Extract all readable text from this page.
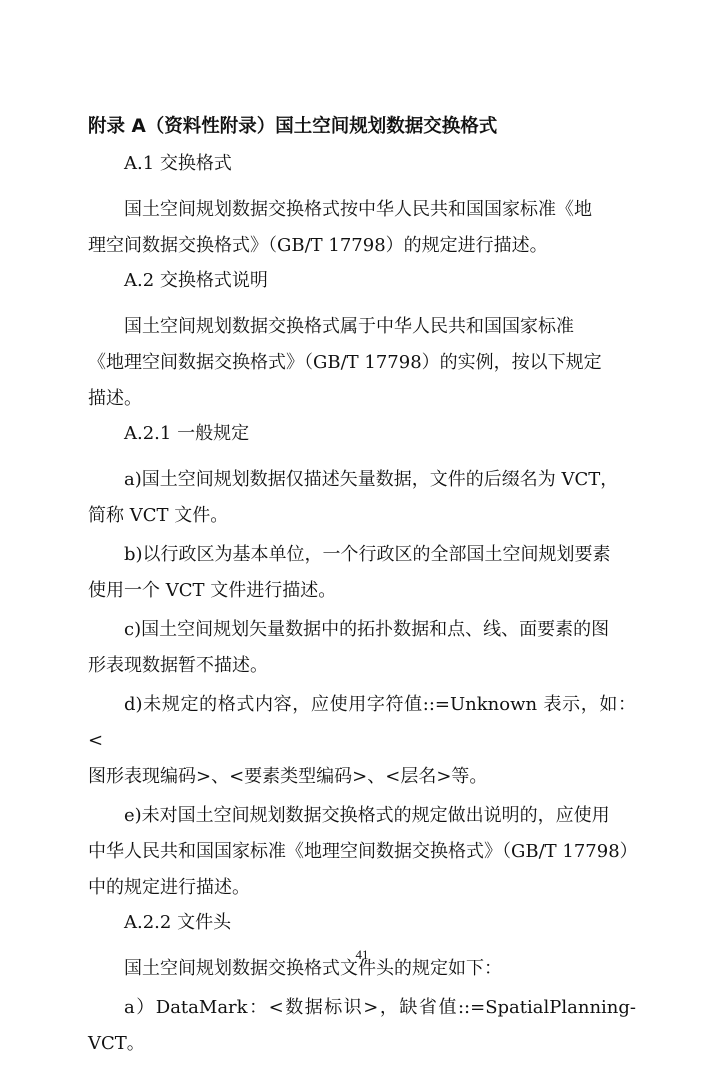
附录 A（资料性附录）国土空间规划数据交换格式
A.1 交换格式
国土空间规划数据交换格式按中华人民共和国国家标准《地
理空间数据交换格式》（GB/T 17798）的规定进行描述。
A.2 交换格式说明
国土空间规划数据交换格式属于中华人民共和国国家标准
《地理空间数据交换格式》（GB/T 17798）的实例，按以下规定
描述。
A.2.1 一般规定
a)国土空间规划数据仅描述矢量数据，文件的后缀名为 VCT，
简称 VCT 文件。
b)以行政区为基本单位，一个行政区的全部国土空间规划要素
使用一个 VCT 文件进行描述。
c)国土空间规划矢量数据中的拓扑数据和点、线、面要素的图
形表现数据暂不描述。
d)未规定的格式内容，应使用字符值::=Unknown 表示，如：<
图形表现编码>、<要素类型编码>、<层名>等。
e)未对国土空间规划数据交换格式的规定做出说明的，应使用
中华人民共和国国家标准《地理空间数据交换格式》（GB/T 17798）
中的规定进行描述。
A.2.2 文件头
国土空间规划数据交换格式文件头的规定如下：
a）DataMark：<数据标识>，缺省值::=SpatialPlanning-VCT。
41
